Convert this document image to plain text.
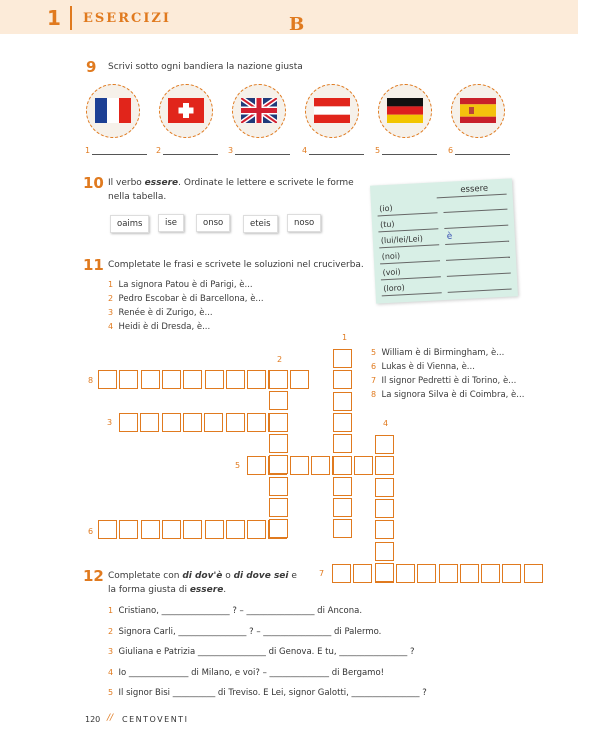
1 ESERCIZI	B
9 Scrivi sotto ogni bandiera la nazione giusta
1	2	3	4	5	6
10 Il verbo essere. Ordinate le lettere e scrivete le forme
nella tabella.
oaims	ise	onso	eteis	noso
essere
(io)
(tu)
(lui/lei/Lei)	è
(noi)
(voi)
(loro)
11 Completate le frasi e scrivete le soluzioni nel cruciverba.
1 La signora Patou è di Parigi, è...
2 Pedro Escobar è di Barcellona, è...
3 Renée è di Zurigo, è...
4 Heidi è di Dresda, è...
5 William è di Birmingham, è...
6 Lukas è di Vienna, è...
7 Il signor Pedretti è di Torino, è...
8 La signora Silva è di Coimbra, è...
1
2
3	4
5
6
7
8
12 Completate con di dov'è o di dove sei e
la forma giusta di essere.
1 Cristiano, ________________ ? – ________________ di Ancona.
2 Signora Carli, ________________ ? – ________________ di Palermo.
3 Giuliana e Patrizia ________________ di Genova. E tu, ________________ ?
4 Io ______________ di Milano, e voi? – ______________ di Bergamo!
5 Il signor Bisi __________ di Treviso. E Lei, signor Galotti, ________________ ?
120 // CENTOVENTI
